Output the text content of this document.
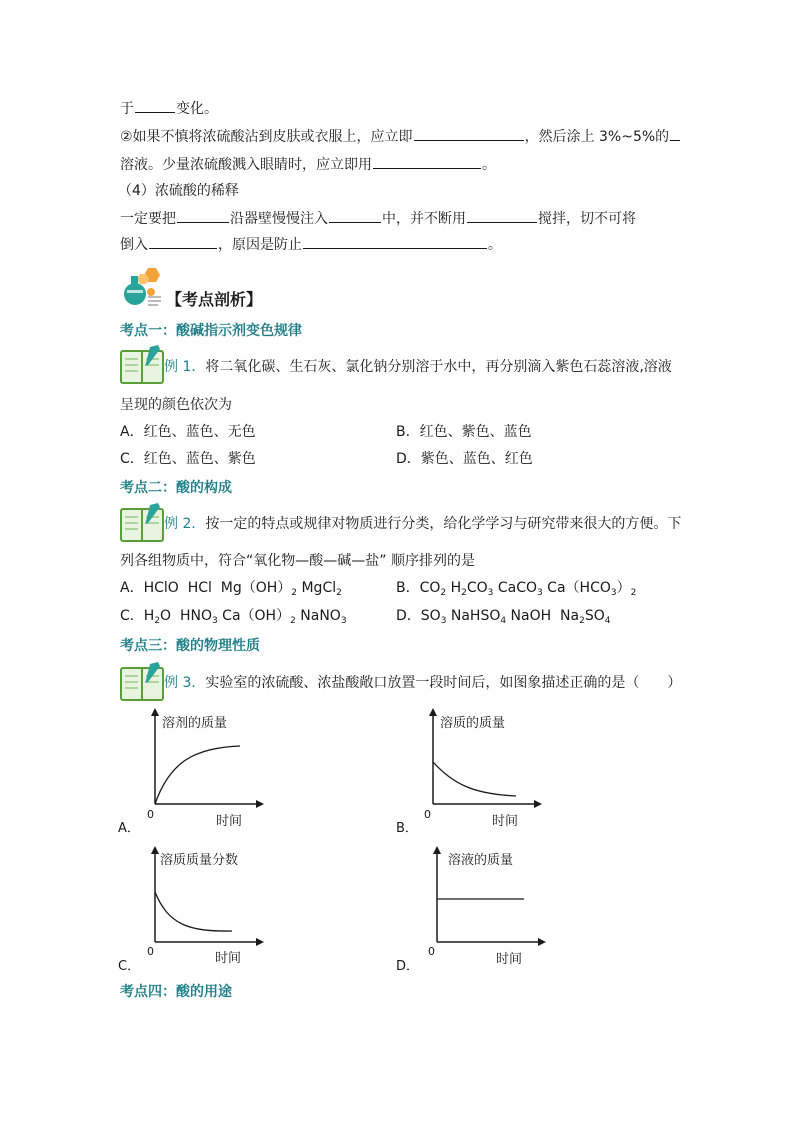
于	变化。
②如果不慎将浓硫酸沾到皮肤或衣服上，应立即	，然后涂上 3%~5%的
溶液。少量浓硫酸溅入眼睛时，应立即用	。
（4）浓硫酸的稀释
一定要把	沿器壁慢慢注入	中，并不断用	搅拌，切不可将
倒入	，原因是防止	。
【考点剖析】
考点一：酸碱指示剂变色规律
例 1．将二氧化碳、生石灰、氯化钠分别溶于水中，再分别滴入紫色石蕊溶液,溶液
呈现的颜色依次为
A．红色、蓝色、无色	B．红色、紫色、蓝色
C．红色、蓝色、紫色	D．紫色、蓝色、红色
考点二：酸的构成
例 2．按一定的特点或规律对物质进行分类，给化学学习与研究带来很大的方便。下
列各组物质中，符合“氧化物—酸—碱—盐” 顺序排列的是
A．HClO  HCl  $Mg(OH)_2$ MgCl$_2$	B．$CO_2$ $H_2CO_3$ CaCO$_3$ $Ca(HCO_3)_2$
C．$H_2O$  $HNO_3$ $Ca(OH)_2$ NaNO$_3$	D．$SO_3$ NaHSO$_4$ NaOH  $Na_2SO_4$
考点三：酸的物理性质
例 3．实验室的浓硫酸、浓盐酸敞口放置一段时间后，如图象描述正确的是（　　）
A．
溶剂的质量
0	时间	B．
溶质的质量
0	时间
C．
溶质质量分数
0	时间
D．
溶液的质量
0
时间
考点四：酸的用途
